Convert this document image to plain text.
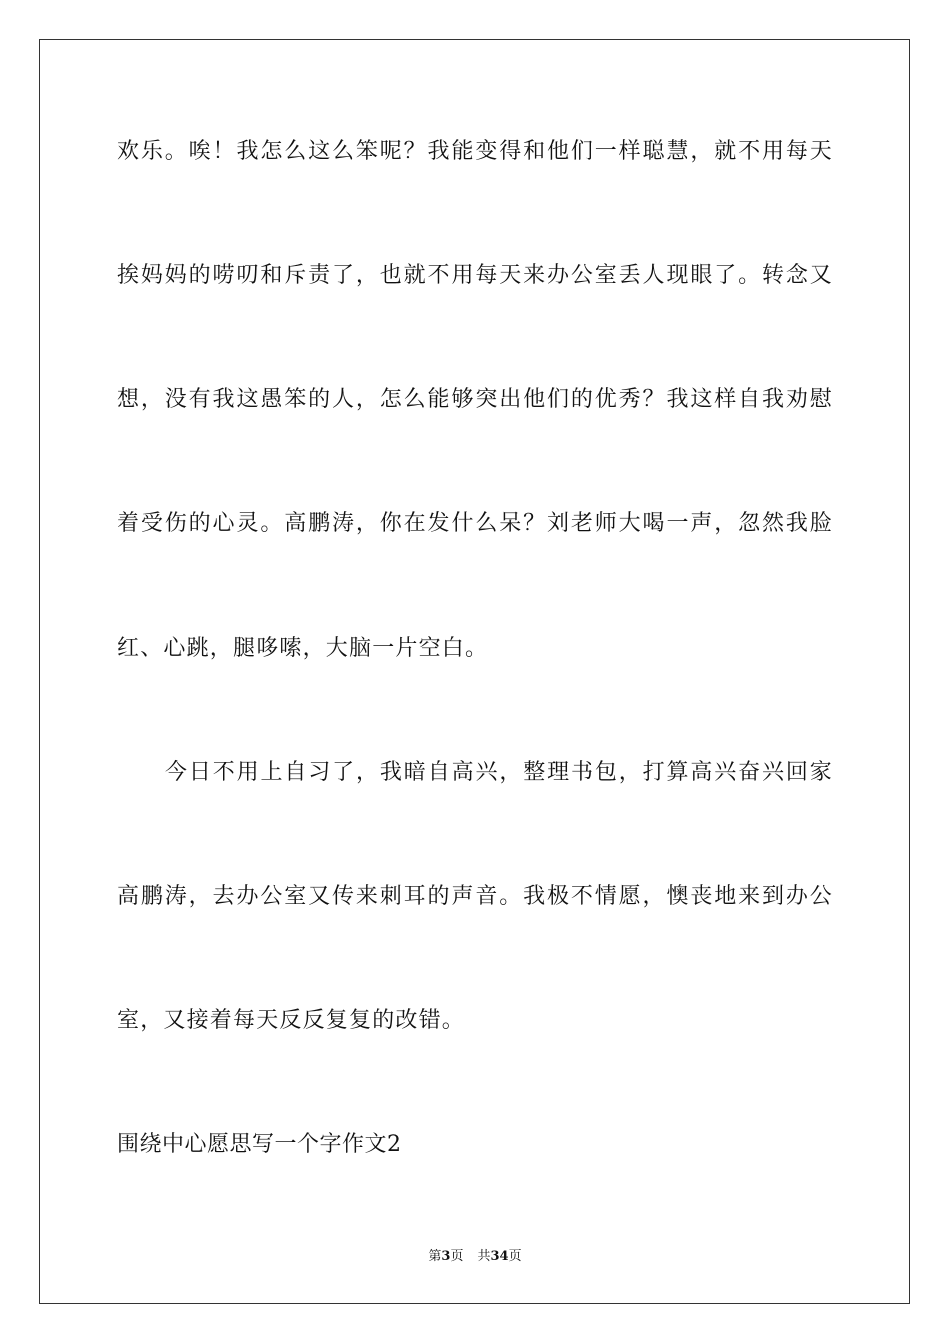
欢乐。唉！我怎么这么笨呢？我能变得和他们一样聪慧，就不用每天
挨妈妈的唠叨和斥责了，也就不用每天来办公室丢人现眼了。转念又
想，没有我这愚笨的人，怎么能够突出他们的优秀？我这样自我劝慰
着受伤的心灵。高鹏涛，你在发什么呆？刘老师大喝一声，忽然我脸
红、心跳，腿哆嗦，大脑一片空白。
今日不用上自习了，我暗自高兴，整理书包，打算高兴奋兴回家
高鹏涛，去办公室又传来刺耳的声音。我极不情愿，懊丧地来到办公
室，又接着每天反反复复的改错。
围绕中心愿思写一个字作文2
第3页 共34页
